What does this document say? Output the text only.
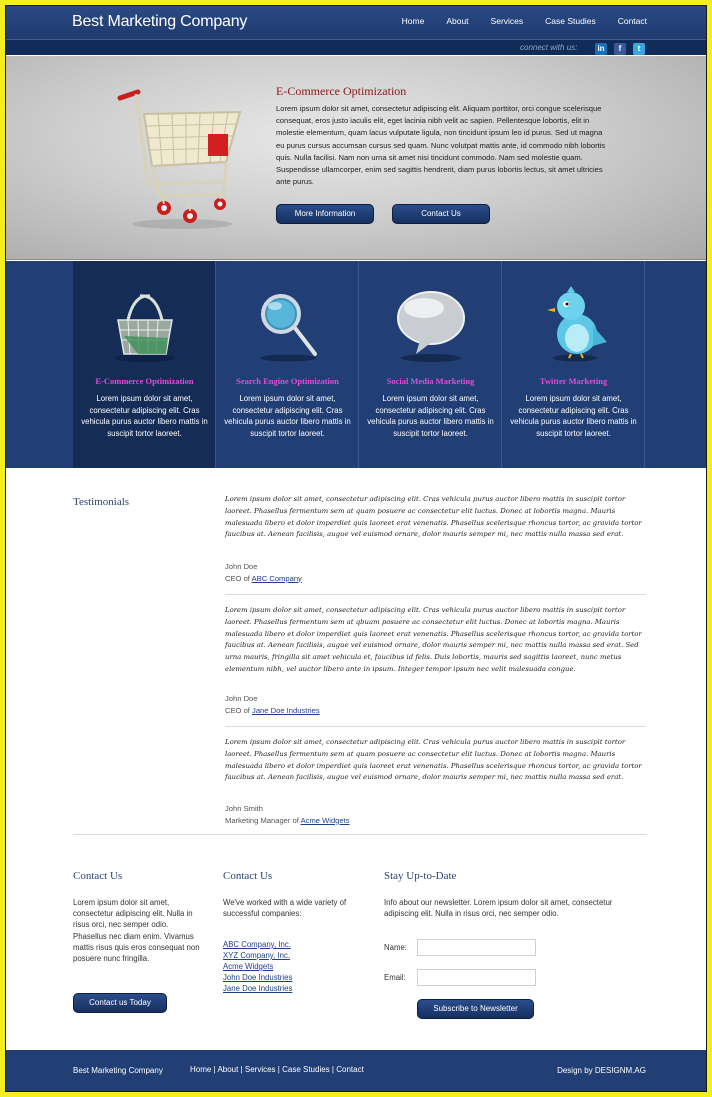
Best Marketing Company	Home	About	Services	Case Studies	Contact
connect with us:	in	f	t
E-Commerce Optimization
Lorem ipsum dolor sit amet, consectetur adipiscing elit. Aliquam porttitor, orci congue scelerisque consequat, eros justo iaculis elit, eget lacinia nibh velit ac sapien. Pellentesque lobortis, elit in molestie elementum, quam lacus vulputate ligula, non tincidunt ipsum leo id purus. Sed ut magna eu purus cursus accumsan cursus sed quam. Nunc volutpat mattis ante, id commodo nibh lobortis quis. Nulla facilisi. Nam non urna sit amet nisi tincidunt commodo. Nam sed molestie quam. Suspendisse ullamcorper, enim sed sagittis hendrerit, diam purus lobortis lectus, sit amet ultricies ante purus.
More Information	Contact Us
E-Commerce Optimization
Lorem ipsum dolor sit amet, consectetur adipiscing elit. Cras vehicula purus auctor libero mattis in suscipit tortor laoreet.
Search Engine Optimization
Lorem ipsum dolor sit amet, consectetur adipiscing elit. Cras vehicula purus auctor libero mattis in suscipit tortor laoreet.
Social Media Marketing
Lorem ipsum dolor sit amet, consectetur adipiscing elit. Cras vehicula purus auctor libero mattis in suscipit tortor laoreet.
Twitter Marketing
Lorem ipsum dolor sit amet, consectetur adipiscing elit. Cras vehicula purus auctor libero mattis in suscipit tortor laoreet.
Testimonials	Lorem ipsum dolor sit amet, consectetur adipiscing elit. Cras vehicula purus auctor libero mattis in suscipit tortor laoreet. Phasellus fermentum sem at quam posuere ac consectetur elit luctus. Donec at lobortis magna. Mauris malesuada libero et dolor imperdiet quis laoreet erat venenatis. Phasellus scelerisque rhoncus tortor, ac gravida tortor faucibus at. Aenean facilisis, augue vel euismod ornare, dolor mauris semper mi, nec mattis nulla massa sed erat.
John Doe
CEO of ABC Company
Lorem ipsum dolor sit amet, consectetur adipiscing elit. Cras vehicula purus auctor libero mattis in suscipit tortor laoreet. Phasellus fermentum sem at qbuam posuere ac consectetur elit luctus. Donec at lobortis magna. Mauris malesuada libero et dolor imperdiet quis laoreet erat venenatis. Phasellus scelerisque rhoncus tortor, ac gravida tortor faucibus at. Aenean facilisis, augue vel euismod ornare, dolor mauris semper mi, nec mattis nulla massa sed erat. Sed urna mauris, fringilla sit amet vehicula et, faucibus id felis. Duis lobortis, mauris sed sagittis laoreet, nunc metus elementum nibh, vel auctor libero ante in ipsum. Integer tempor ipsum nec velit malesuada congue.
John Doe
CEO of Jane Doe Industries
Lorem ipsum dolor sit amet, consectetur adipiscing elit. Cras vehicula purus auctor libero mattis in suscipit tortor laoreet. Phasellus fermentum sem at quam posuere ac consectetur elit luctus. Donec at lobortis magna. Mauris malesuada libero et dolor imperdiet quis laoreet erat venenatis. Phasellus scelerisque rhoncus tortor, ac gravida tortor faucibus at. Aenean facilisis, augue vel euismod ornare, dolor mauris semper mi, nec mattis nulla massa sed erat.
John Smith
Marketing Manager of Acme Widgets
Contact Us
Lorem ipsum dolor sit amet, consectetur adipiscing elit. Nulla in risus orci, nec semper odio. Phasellus nec diam enim. Vivamus mattis risus quis eros consequat non posuere nunc fringilla.
Contact us Today
Contact Us
We've worked with a wide variety of successful companies:
ABC Company, Inc.
XYZ Company, Inc.
Acme Widgets
John Doe Industries
Jane Doe Industries
Stay Up-to-Date
Info about our newsletter. Lorem ipsum dolor sit amet, consectetur adipiscing elit. Nulla in risus orci, nec semper odio.
Name:
Email:
Subscribe to Newsletter
Best Marketing Company	Home | About | Services | Case Studies | Contact	Design by DESIGNM.AG
